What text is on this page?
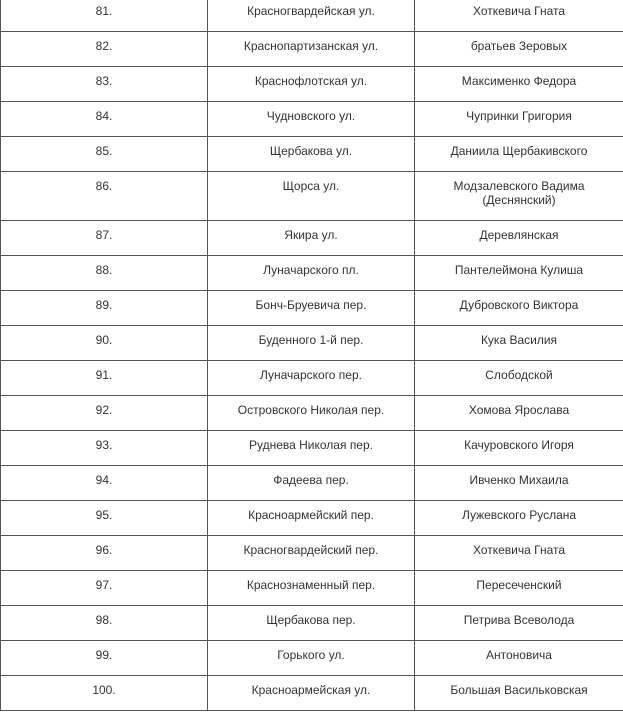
81.	Красногвардейская ул.	Хоткевича Гната
82.	Краснопартизанская ул.	братьев Зеровых
83.	Краснофлотская ул.	Максименко Федора
84.	Чудновского ул.	Чупринки Григория
85.	Щербакова ул.	Даниила Щербакивского
86.	Щорса ул.	Модзалевского Вадима (Деснянский)
87.	Якира ул.	Деревлянская
88.	Луначарского пл.	Пантелеймона Кулиша
89.	Бонч-Бруевича пер.	Дубровского Виктора
90.	Буденного 1-й пер.	Кука Василия
91.	Луначарского пер.	Слободской
92.	Островского Николая пер.	Хомова Ярослава
93.	Руднева Николая пер.	Качуровского Игоря
94.	Фадеева пер.	Ивченко Михаила
95.	Красноармейский пер.	Лужевского Руслана
96.	Красногвардейский пер.	Хоткевича Гната
97.	Краснознаменный пер.	Пересеченский
98.	Щербакова пер.	Петрива Всеволода
99.	Горького ул.	Антоновича
100.	Красноармейская ул.	Большая Васильковская
